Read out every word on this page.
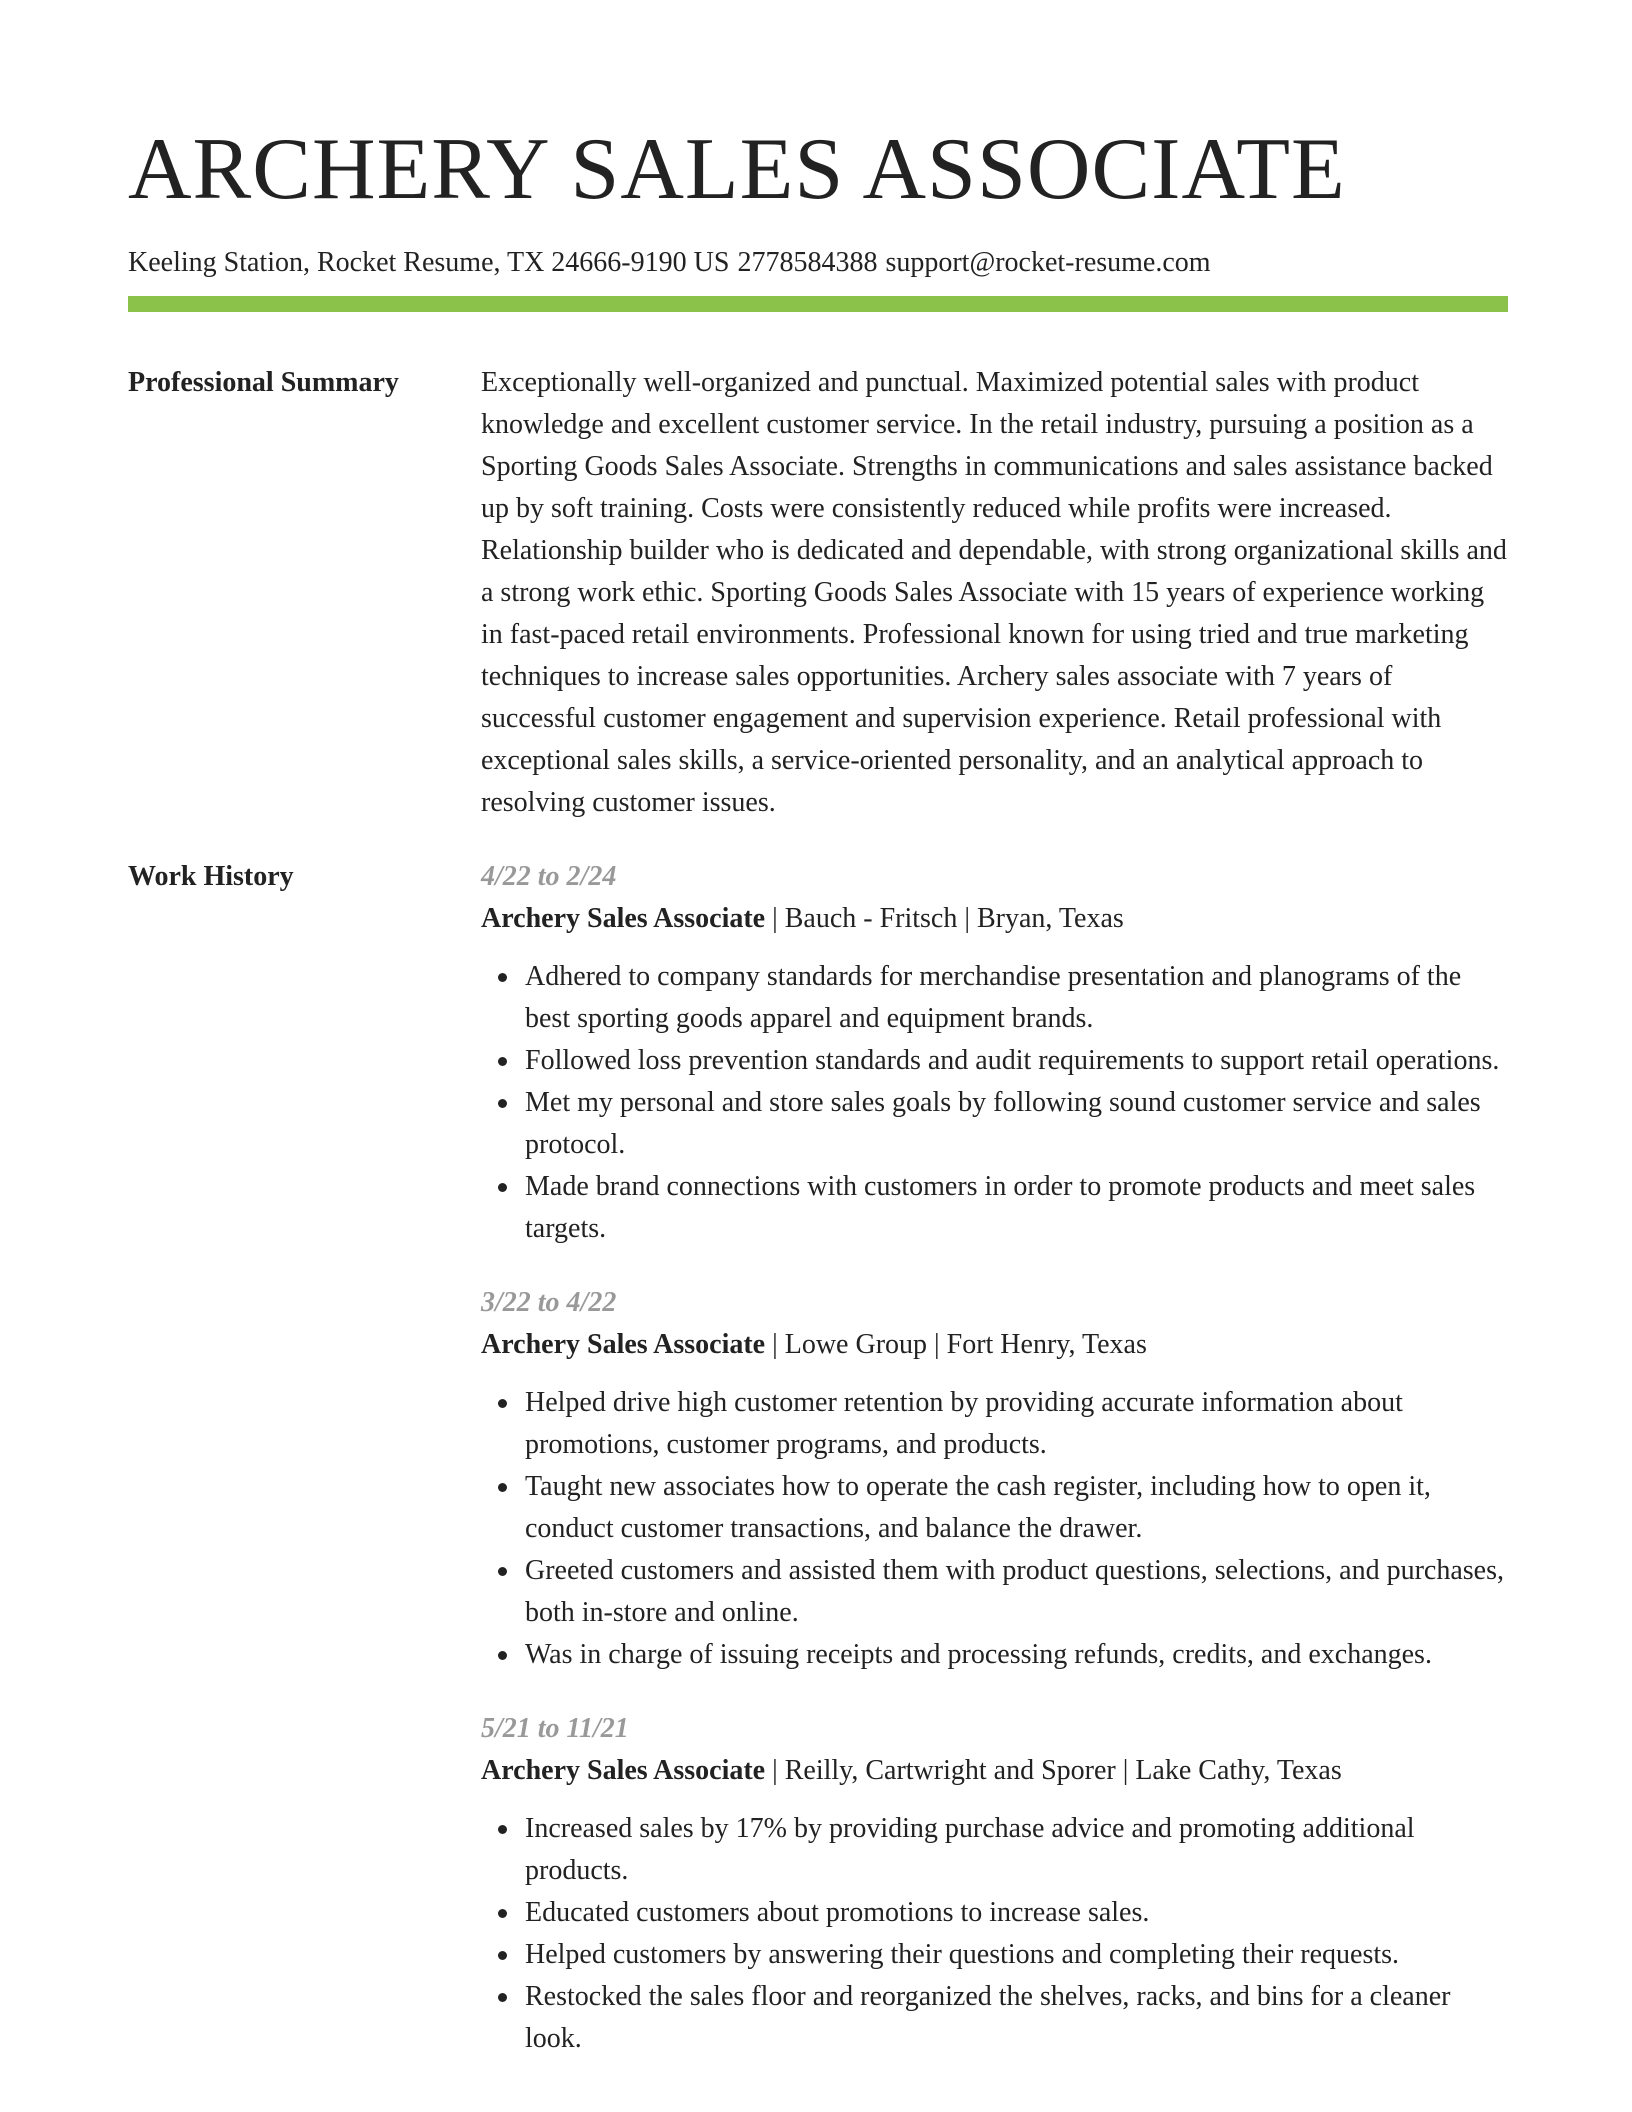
ARCHERY SALES ASSOCIATE
Keeling Station, Rocket Resume, TX 24666-9190 US 2778584388 support@rocket-resume.com
Professional Summary	Exceptionally well-organized and punctual. Maximized potential sales with product knowledge and excellent customer service. In the retail industry, pursuing a position as a Sporting Goods Sales Associate. Strengths in communications and sales assistance backed up by soft training. Costs were consistently reduced while profits were increased. Relationship builder who is dedicated and dependable, with strong organizational skills and a strong work ethic. Sporting Goods Sales Associate with 15 years of experience working in fast-paced retail environments. Professional known for using tried and true marketing techniques to increase sales opportunities. Archery sales associate with 7 years of successful customer engagement and supervision experience. Retail professional with exceptional sales skills, a service-oriented personality, and an analytical approach to resolving customer issues.

Work History	4/22 to 2/24
Archery Sales Associate | Bauch - Fritsch | Bryan, Texas
Adhered to company standards for merchandise presentation and planograms of the best sporting goods apparel and equipment brands.
Followed loss prevention standards and audit requirements to support retail operations.
Met my personal and store sales goals by following sound customer service and sales protocol.
Made brand connections with customers in order to promote products and meet sales targets.
3/22 to 4/22
Archery Sales Associate | Lowe Group | Fort Henry, Texas
Helped drive high customer retention by providing accurate information about promotions, customer programs, and products.
Taught new associates how to operate the cash register, including how to open it, conduct customer transactions, and balance the drawer.
Greeted customers and assisted them with product questions, selections, and purchases, both in-store and online.
Was in charge of issuing receipts and processing refunds, credits, and exchanges.
5/21 to 11/21
Archery Sales Associate | Reilly, Cartwright and Sporer | Lake Cathy, Texas
Increased sales by 17% by providing purchase advice and promoting additional products.
Educated customers about promotions to increase sales.
Helped customers by answering their questions and completing their requests.
Restocked the sales floor and reorganized the shelves, racks, and bins for a cleaner look.
